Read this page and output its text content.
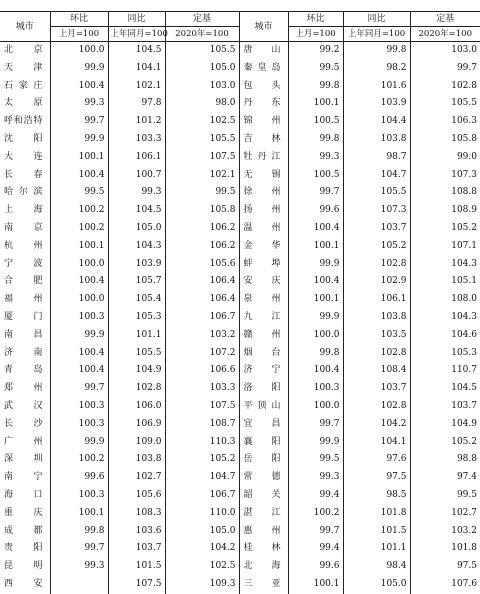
城市	环比	同比	定基	城市	环比	同比	定基
	上月=100	上年同月=100	2020年=100		上月=100	上年同月=100	2020年=100
北　京	100.0	104.5	105.5	唐　山	99.2	99.8	103.0
天　津	99.9	104.1	105.0	秦皇岛	99.5	98.2	99.7
石家庄	100.4	102.1	103.0	包　头	99.8	101.6	102.8
太　原	99.3	97.8	98.0	丹　东	100.1	103.9	105.5
呼和浩特	99.7	101.2	102.5	锦　州	100.5	104.4	106.3
沈　阳	99.9	103.3	105.5	吉　林	99.8	103.8	105.8
大　连	100.1	106.1	107.5	牡丹江	99.3	98.7	99.0
长　春	100.4	100.7	102.1	无　锡	100.5	104.7	107.3
哈尔滨	99.5	99.3	99.5	徐　州	99.7	105.5	108.8
上　海	100.2	104.5	105.8	扬　州	99.6	107.3	108.9
南　京	100.2	105.0	106.2	温　州	100.4	103.7	105.2
杭　州	100.1	104.3	106.2	金　华	100.1	105.2	107.1
宁　波	100.0	103.9	105.6	蚌　埠	99.9	102.8	104.3
合　肥	100.4	105.7	106.4	安　庆	100.4	102.9	105.1
福　州	100.0	105.4	106.4	泉　州	100.1	106.1	108.0
厦　门	100.3	105.3	106.7	九　江	99.9	103.8	104.3
南　昌	99.9	101.1	103.2	赣　州	100.0	103.5	104.6
济　南	100.4	105.5	107.2	烟　台	99.8	102.8	105.3
青　岛	100.4	104.9	106.6	济　宁	100.4	108.4	110.7
郑　州	99.7	102.8	103.3	洛　阳	100.3	103.7	104.5
武　汉	100.3	106.0	107.5	平顶山	100.0	102.8	103.7
长　沙	100.3	106.9	108.7	宜　昌	99.7	104.2	104.9
广　州	99.9	109.0	110.3	襄　阳	99.9	104.1	105.2
深　圳	100.2	103.8	105.2	岳　阳	99.5	97.6	98.8
南　宁	99.6	102.7	104.7	常　德	99.3	97.5	97.4
海　口	100.3	105.6	106.7	韶　关	99.4	98.5	99.5
重　庆	100.1	108.3	110.0	湛　江	100.2	101.8	102.7
成　都	99.8	103.6	105.0	惠　州	99.7	101.5	103.2
贵　阳	99.7	103.7	104.2	桂　林	99.4	101.1	101.8
昆　明	99.3	101.5	102.5	北　海	99.6	98.4	97.5
西　安		107.5	109.3	三　亚	100.1	105.0	107.6
